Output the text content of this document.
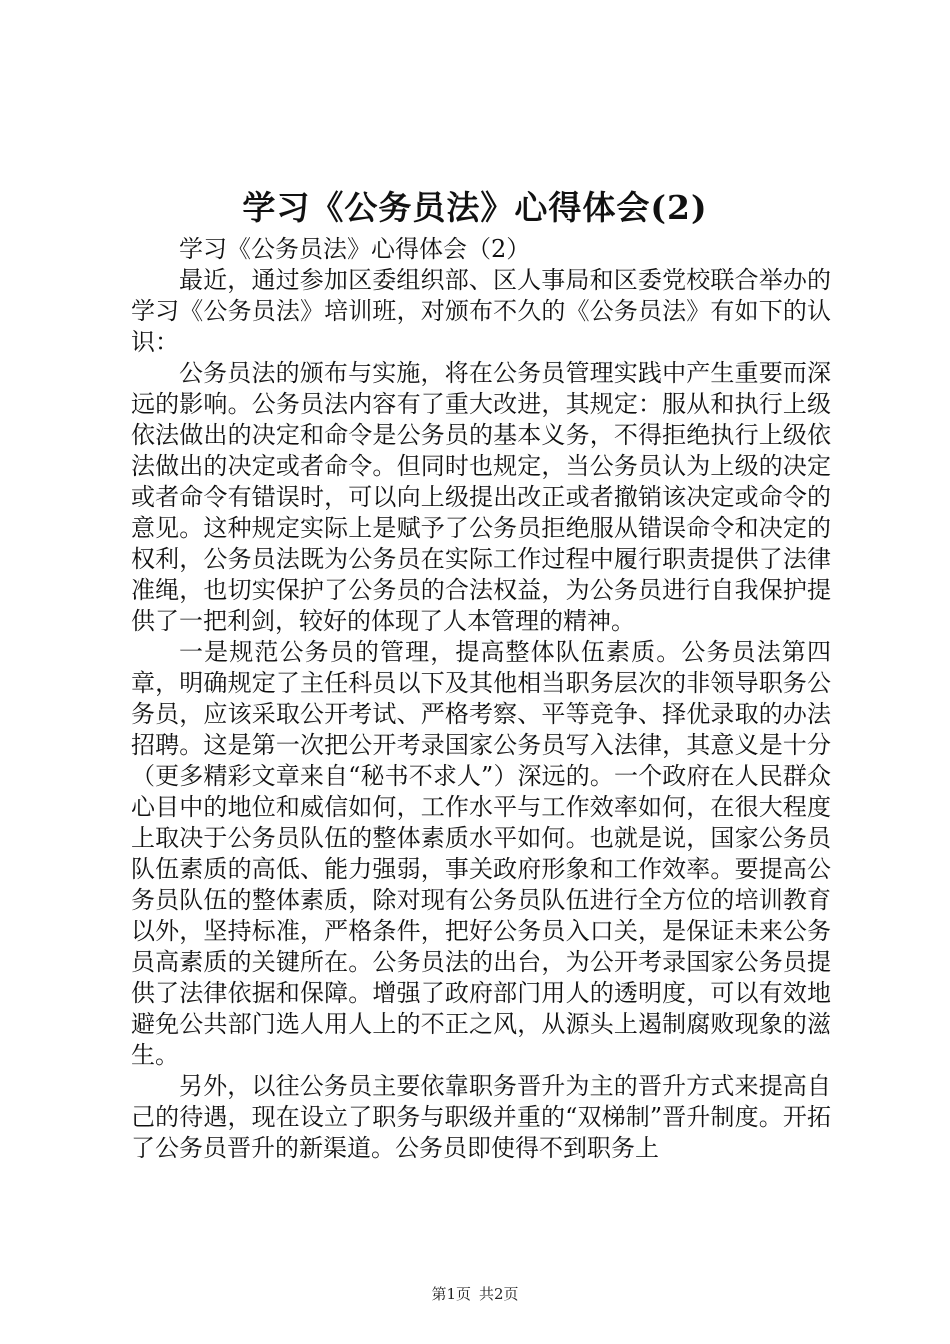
学习《公务员法》心得体会(2)

学习《公务员法》心得体会（2）

最近，通过参加区委组织部、区人事局和区委党校联合举办的学习《公务员法》培训班，对颁布不久的《公务员法》有如下的认识：

公务员法的颁布与实施，将在公务员管理实践中产生重要而深远的影响。公务员法内容有了重大改进，其规定：服从和执行上级依法做出的决定和命令是公务员的基本义务，不得拒绝执行上级依法做出的决定或者命令。但同时也规定，当公务员认为上级的决定或者命令有错误时，可以向上级提出改正或者撤销该决定或命令的意见。这种规定实际上是赋予了公务员拒绝服从错误命令和决定的权利，公务员法既为公务员在实际工作过程中履行职责提供了法律准绳，也切实保护了公务员的合法权益，为公务员进行自我保护提供了一把利剑，较好的体现了人本管理的精神。

一是规范公务员的管理，提高整体队伍素质。公务员法第四章，明确规定了主任科员以下及其他相当职务层次的非领导职务公务员，应该采取公开考试、严格考察、平等竞争、择优录取的办法招聘。这是第一次把公开考录国家公务员写入法律，其意义是十分（更多精彩文章来自“秘书不求人”）深远的。一个政府在人民群众心目中的地位和威信如何，工作水平与工作效率如何，在很大程度上取决于公务员队伍的整体素质水平如何。也就是说，国家公务员队伍素质的高低、能力强弱，事关政府形象和工作效率。要提高公务员队伍的整体素质，除对现有公务员队伍进行全方位的培训教育以外，坚持标准，严格条件，把好公务员入口关，是保证未来公务员高素质的关键所在。公务员法的出台，为公开考录国家公务员提供了法律依据和保障。增强了政府部门用人的透明度，可以有效地避免公共部门选人用人上的不正之风，从源头上遏制腐败现象的滋生。

另外，以往公务员主要依靠职务晋升为主的晋升方式来提高自己的待遇，现在设立了职务与职级并重的“双梯制”晋升制度。开拓了公务员晋升的新渠道。公务员即使得不到职务上

第1页 共2页
